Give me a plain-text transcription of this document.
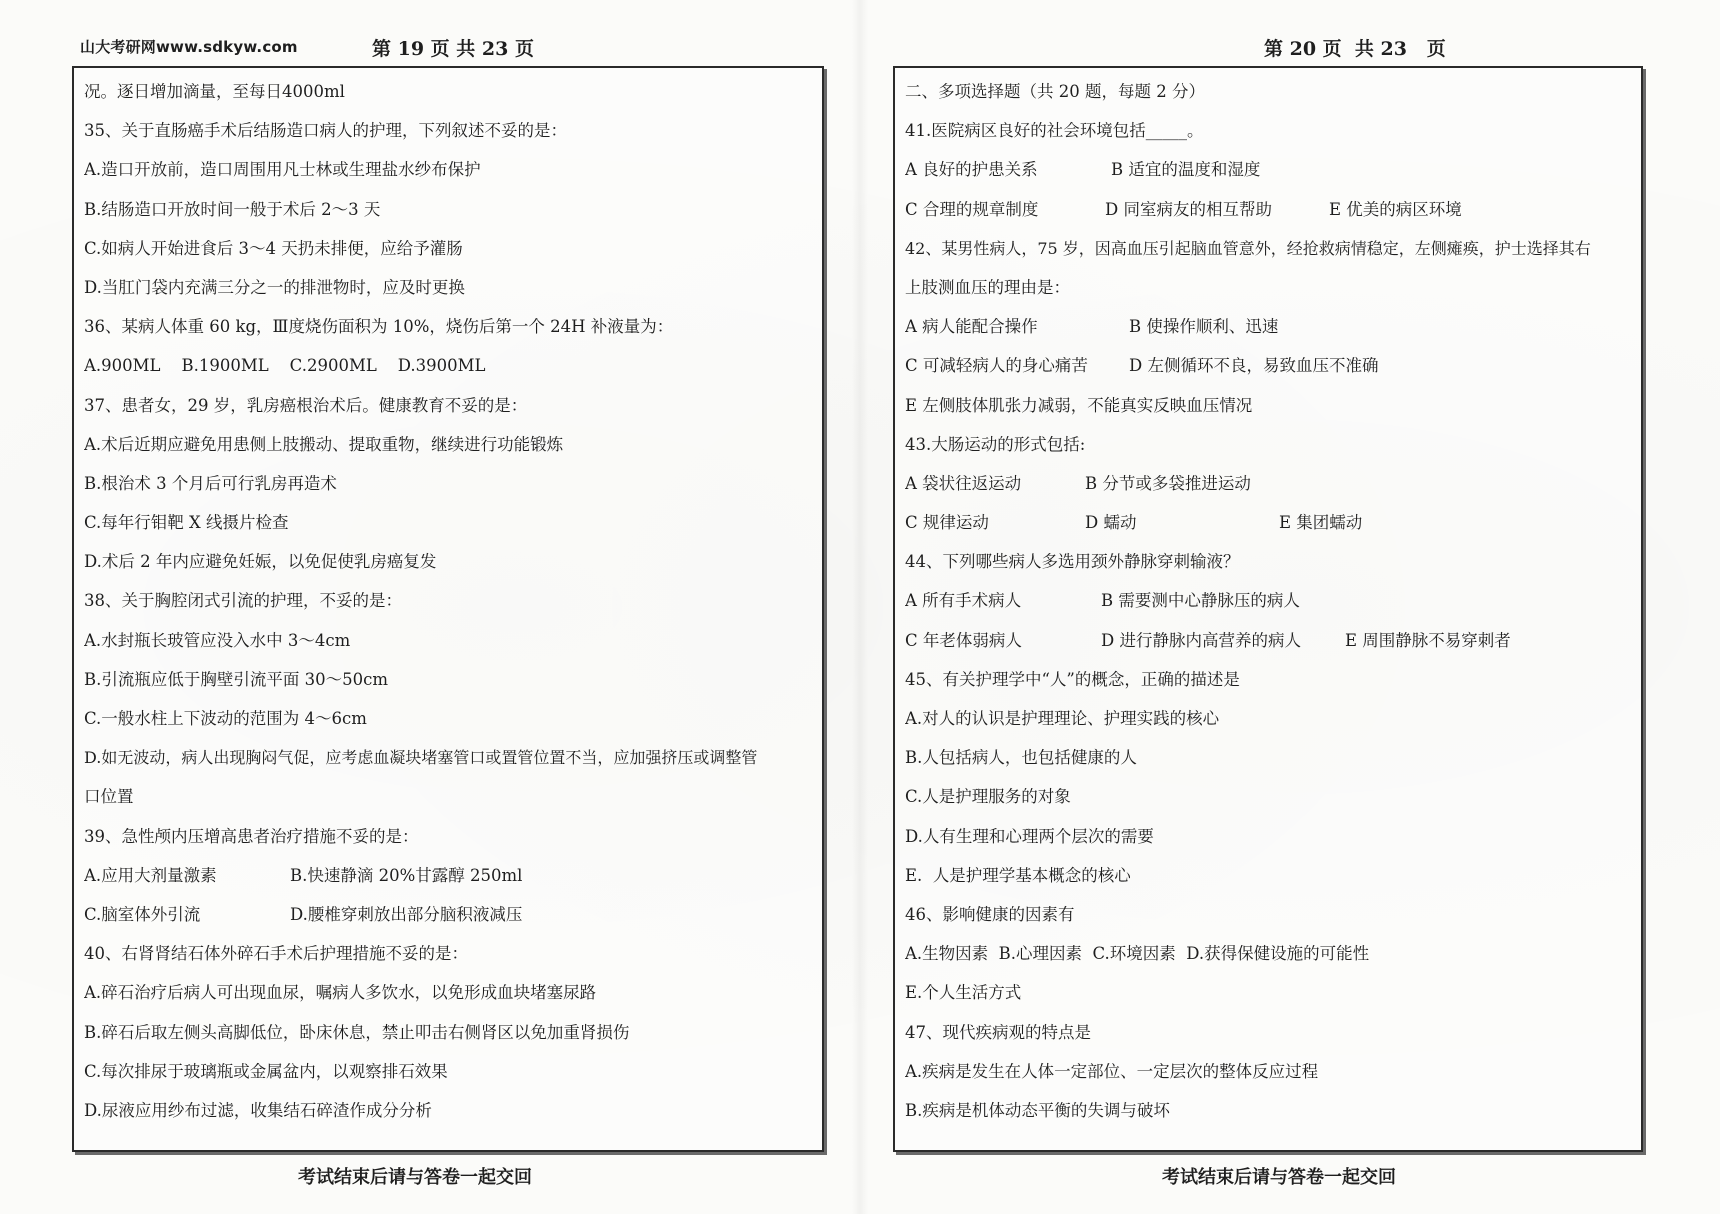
山大考研网www.sdkyw.com	第 19 页 共 23 页
况。逐日增加滴量，至每日4000ml
35、关于直肠癌手术后结肠造口病人的护理，下列叙述不妥的是：
A.造口开放前，造口周围用凡士林或生理盐水纱布保护
B.结肠造口开放时间一般于术后 2～3 天
C.如病人开始进食后 3～4 天扔未排便，应给予灌肠
D.当肛门袋内充满三分之一的排泄物时，应及时更换
36、某病人体重 60 kg，Ⅲ度烧伤面积为 10%，烧伤后第一个 24H 补液量为：
A.900ML    B.1900ML    C.2900ML    D.3900ML
37、患者女，29 岁，乳房癌根治术后。健康教育不妥的是：
A.术后近期应避免用患侧上肢搬动、提取重物，继续进行功能锻炼
B.根治术 3 个月后可行乳房再造术
C.每年行钼靶 X 线摄片检查
D.术后 2 年内应避免妊娠，以免促使乳房癌复发
38、关于胸腔闭式引流的护理，不妥的是：
A.水封瓶长玻管应没入水中 3～4cm
B.引流瓶应低于胸壁引流平面 30～50cm
C.一般水柱上下波动的范围为 4～6cm
D.如无波动，病人出现胸闷气促，应考虑血凝块堵塞管口或置管位置不当，应加强挤压或调整管
口位置
39、急性颅内压增高患者治疗措施不妥的是：
A.应用大剂量激素	B.快速静滴 20%甘露醇 250ml
C.脑室体外引流	D.腰椎穿刺放出部分脑积液减压
40、右肾肾结石体外碎石手术后护理措施不妥的是：
A.碎石治疗后病人可出现血尿，嘱病人多饮水，以免形成血块堵塞尿路
B.碎石后取左侧头高脚低位，卧床休息，禁止叩击右侧肾区以免加重肾损伤
C.每次排尿于玻璃瓶或金属盆内，以观察排石效果
D.尿液应用纱布过滤，收集结石碎渣作成分分析
考试结束后请与答卷一起交回
第 20 页  共 23   页
二、多项选择题（共 20 题，每题 2 分）
41.医院病区良好的社会环境包括_____。
A 良好的护患关系	B 适宜的温度和湿度
C 合理的规章制度	D 同室病友的相互帮助	E 优美的病区环境
42、某男性病人，75 岁，因高血压引起脑血管意外，经抢救病情稳定，左侧瘫痪，护士选择其右
上肢测血压的理由是：
A 病人能配合操作	B 使操作顺利、迅速
C 可减轻病人的身心痛苦	D 左侧循环不良，易致血压不准确
E 左侧肢体肌张力减弱，不能真实反映血压情况
43.大肠运动的形式包括:
A 袋状往返运动	B 分节或多袋推进运动
C 规律运动	D 蠕动	E 集团蠕动
44、下列哪些病人多选用颈外静脉穿刺输液？
A 所有手术病人	B 需要测中心静脉压的病人
C 年老体弱病人	D 进行静脉内高营养的病人	E 周围静脉不易穿刺者
45、有关护理学中“人”的概念，正确的描述是
A.对人的认识是护理理论、护理实践的核心
B.人包括病人，也包括健康的人
C.人是护理服务的对象
D.人有生理和心理两个层次的需要
E.  人是护理学基本概念的核心
46、影响健康的因素有
A.生物因素  B.心理因素  C.环境因素  D.获得保健设施的可能性
E.个人生活方式
47、现代疾病观的特点是
A.疾病是发生在人体一定部位、一定层次的整体反应过程
B.疾病是机体动态平衡的失调与破坏
考试结束后请与答卷一起交回
